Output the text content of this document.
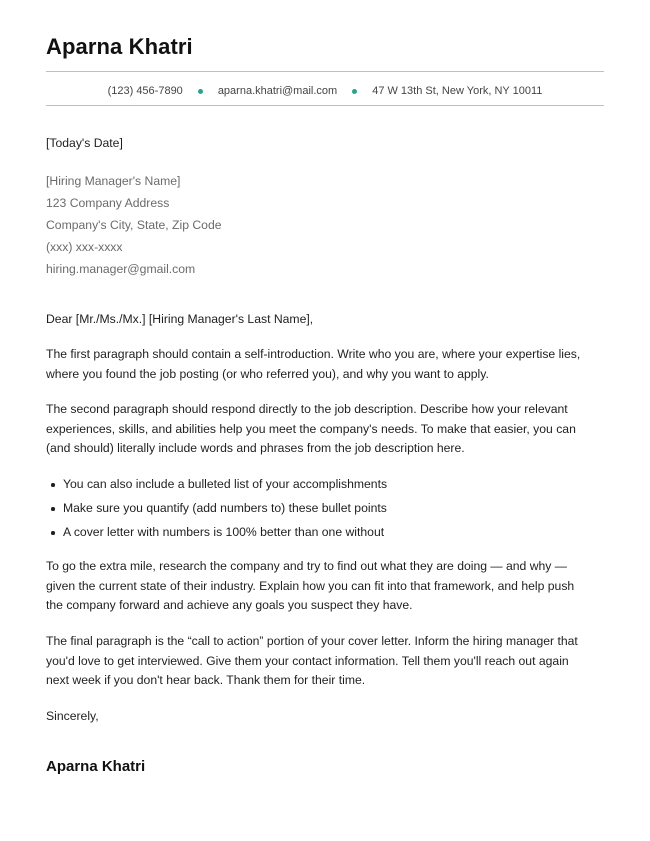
Aparna Khatri
(123) 456-7890	aparna.khatri@mail.com	47 W 13th St, New York, NY 10011

[Today's Date]

[Hiring Manager's Name]
123 Company Address
Company's City, State, Zip Code
(xxx) xxx-xxxx
hiring.manager@gmail.com

Dear [Mr./Ms./Mx.] [Hiring Manager's Last Name],

The first paragraph should contain a self-introduction. Write who you are, where your expertise lies, where you found the job posting (or who referred you), and why you want to apply.

The second paragraph should respond directly to the job description. Describe how your relevant experiences, skills, and abilities help you meet the company's needs. To make that easier, you can (and should) literally include words and phrases from the job description here.

You can also include a bulleted list of your accomplishments
Make sure you quantify (add numbers to) these bullet points
A cover letter with numbers is 100% better than one without

To go the extra mile, research the company and try to find out what they are doing — and why — given the current state of their industry. Explain how you can fit into that framework, and help push the company forward and achieve any goals you suspect they have.

The final paragraph is the “call to action” portion of your cover letter. Inform the hiring manager that you'd love to get interviewed. Give them your contact information. Tell them you'll reach out again next week if you don't hear back. Thank them for their time.

Sincerely,

Aparna Khatri
